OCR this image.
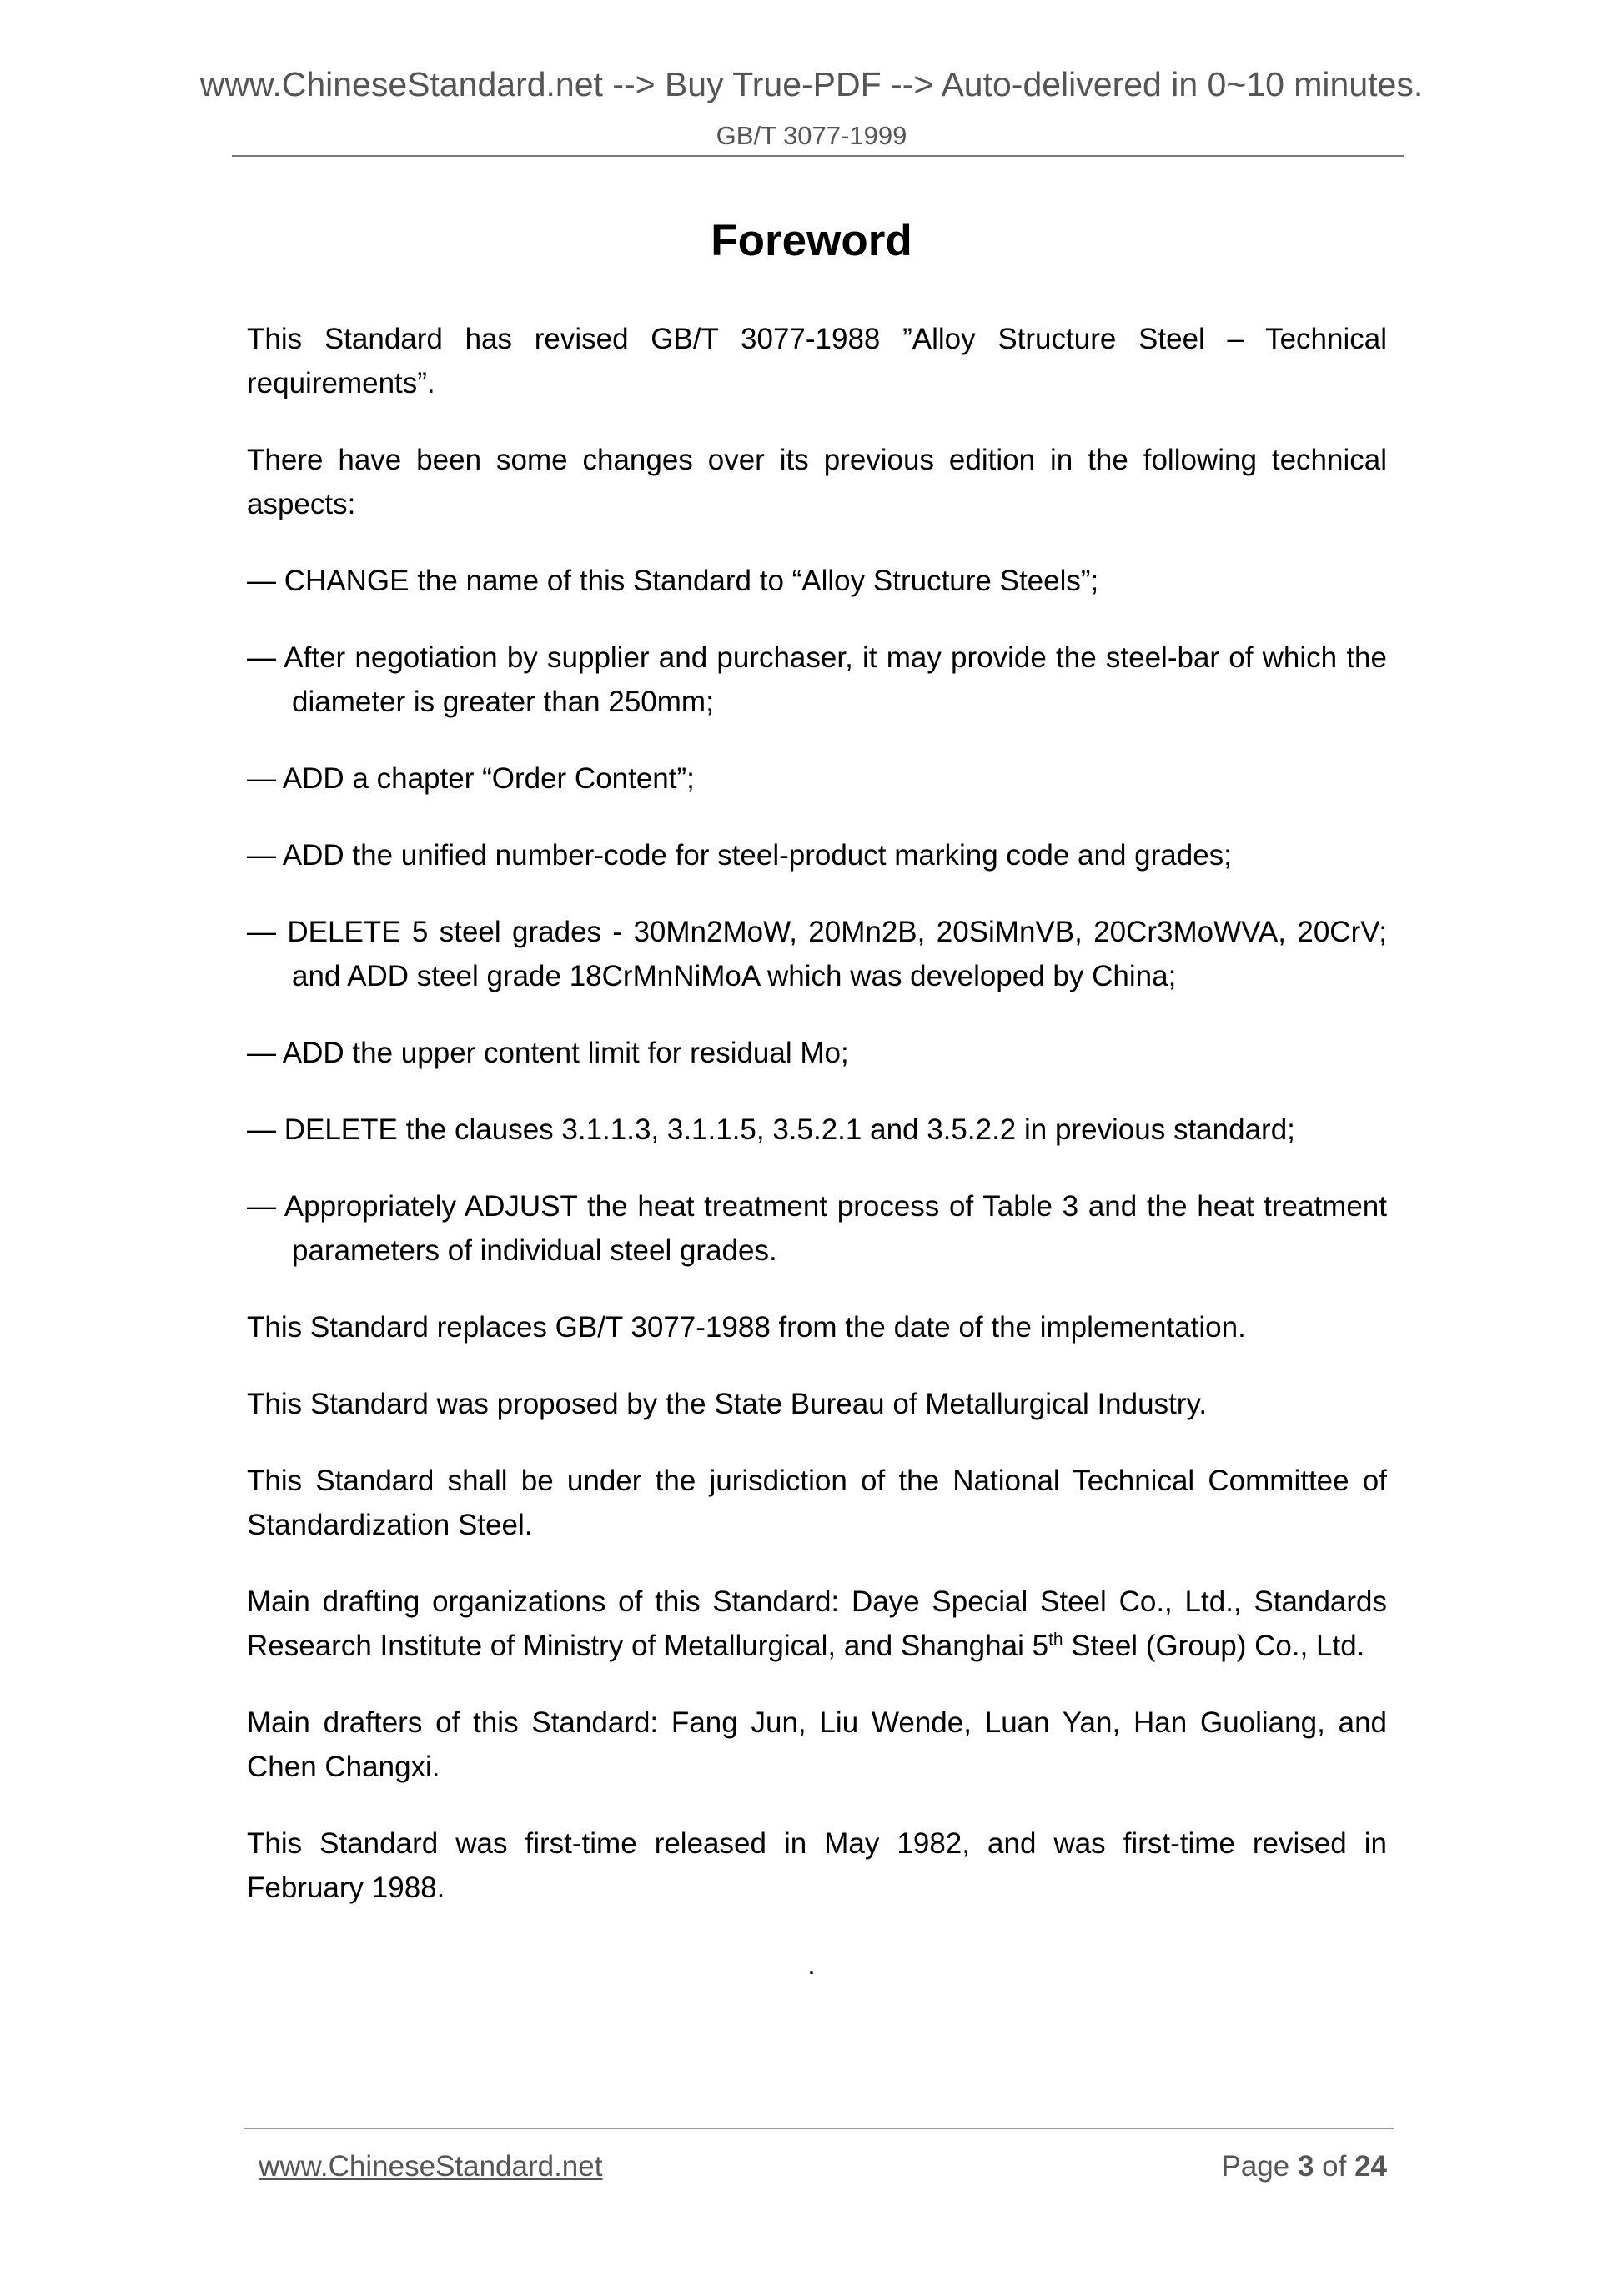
www.ChineseStandard.net --> Buy True-PDF --> Auto-delivered in 0~10 minutes.
GB/T 3077-1999
Foreword

This Standard has revised GB/T 3077-1988 ”Alloy Structure Steel – Technical requirements”.

There have been some changes over its previous edition in the following technical aspects:

— CHANGE the name of this Standard to “Alloy Structure Steels”;

— After negotiation by supplier and purchaser, it may provide the steel-bar of which the diameter is greater than 250mm;

— ADD a chapter “Order Content”;

— ADD the unified number-code for steel-product marking code and grades;

— DELETE 5 steel grades - 30Mn2MoW, 20Mn2B, 20SiMnVB, 20Cr3MoWVA, 20CrV; and ADD steel grade 18CrMnNiMoA which was developed by China;

— ADD the upper content limit for residual Mo;

— DELETE the clauses 3.1.1.3, 3.1.1.5, 3.5.2.1 and 3.5.2.2 in previous standard;

— Appropriately ADJUST the heat treatment process of Table 3 and the heat treatment parameters of individual steel grades.

This Standard replaces GB/T 3077-1988 from the date of the implementation.

This Standard was proposed by the State Bureau of Metallurgical Industry.

This Standard shall be under the jurisdiction of the National Technical Committee of Standardization Steel.

Main drafting organizations of this Standard: Daye Special Steel Co., Ltd., Standards Research Institute of Ministry of Metallurgical, and Shanghai 5th Steel (Group) Co., Ltd.

Main drafters of this Standard: Fang Jun, Liu Wende, Luan Yan, Han Guoliang, and Chen Changxi.

This Standard was first-time released in May 1982, and was first-time revised in February 1988.

.
www.ChineseStandard.net	Page 3 of 24
